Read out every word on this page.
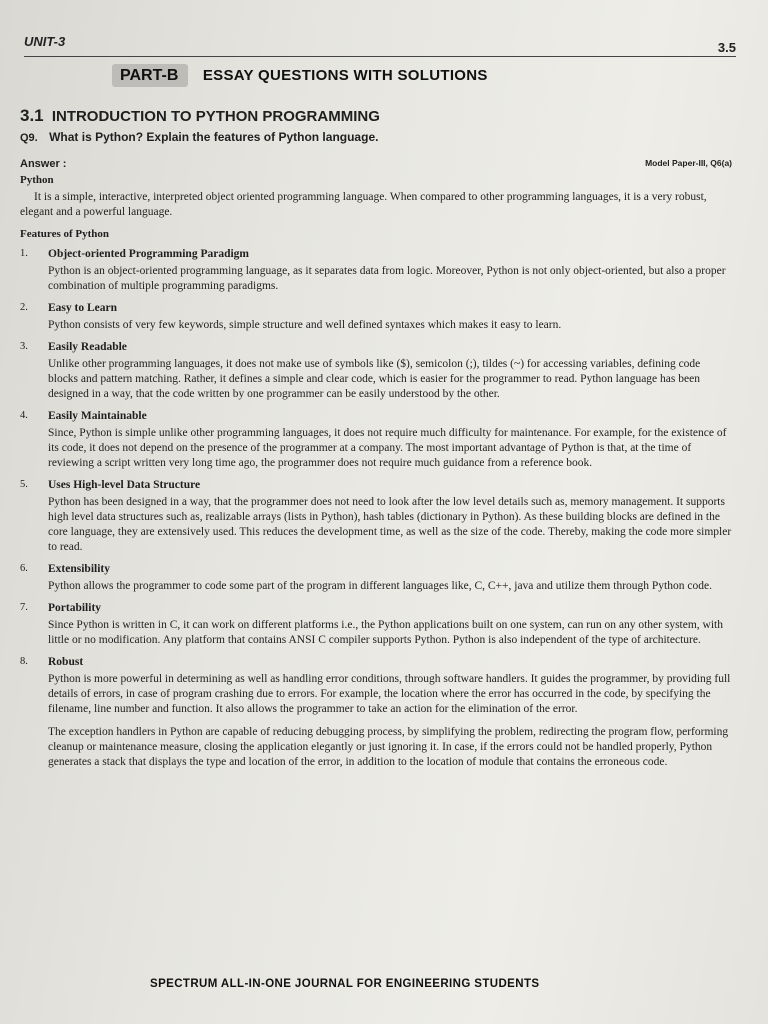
UNIT-3	3.5
PART-B ESSAY QUESTIONS WITH SOLUTIONS
3.1 INTRODUCTION TO PYTHON PROGRAMMING
Q9. What is Python? Explain the features of Python language.
Answer :	Model Paper-III, Q6(a)
Python

It is a simple, interactive, interpreted object oriented programming language. When compared to other programming languages, it is a very robust, elegant and a powerful language.

Features of Python
1.	Object-oriented Programming Paradigm

Python is an object-oriented programming language, as it separates data from logic. Moreover, Python is not only object-oriented, but also a proper combination of multiple programming paradigms.

2.	Easy to Learn

Python consists of very few keywords, simple structure and well defined syntaxes which makes it easy to learn.

3.	Easily Readable

Unlike other programming languages, it does not make use of symbols like ($), semicolon (;), tildes (~) for accessing variables, defining code blocks and pattern matching. Rather, it defines a simple and clear code, which is easier for the programmer to read. Python language has been designed in a way, that the code written by one programmer can be easily understood by the other.

4.	Easily Maintainable

Since, Python is simple unlike other programming languages, it does not require much difficulty for maintenance. For example, for the existence of its code, it does not depend on the presence of the programmer at a company. The most important advantage of Python is that, at the time of reviewing a script written very long time ago, the programmer does not require much guidance from a reference book.

5.	Uses High-level Data Structure

Python has been designed in a way, that the programmer does not need to look after the low level details such as, memory management. It supports high level data structures such as, realizable arrays (lists in Python), hash tables (dictionary in Python). As these building blocks are defined in the core language, they are extensively used. This reduces the development time, as well as the size of the code. Thereby, making the code more simpler to read.

6.	Extensibility

Python allows the programmer to code some part of the program in different languages like, C, C++, java and utilize them through Python code.

7.	Portability

Since Python is written in C, it can work on different platforms i.e., the Python applications built on one system, can run on any other system, with little or no modification. Any platform that contains ANSI C compiler supports Python. Python is also independent of the type of architecture.

8.	Robust

Python is more powerful in determining as well as handling error conditions, through software handlers. It guides the programmer, by providing full details of errors, in case of program crashing due to errors. For example, the location where the error has occurred in the code, by specifying the filename, line number and function. It also allows the programmer to take an action for the elimination of the error.

The exception handlers in Python are capable of reducing debugging process, by simplifying the problem, redirecting the program flow, performing cleanup or maintenance measure, closing the application elegantly or just ignoring it. In case, if the errors could not be handled properly, Python generates a stack that displays the type and location of the error, in addition to the location of module that contains the erroneous code.

SPECTRUM ALL-IN-ONE JOURNAL FOR ENGINEERING STUDENTS
